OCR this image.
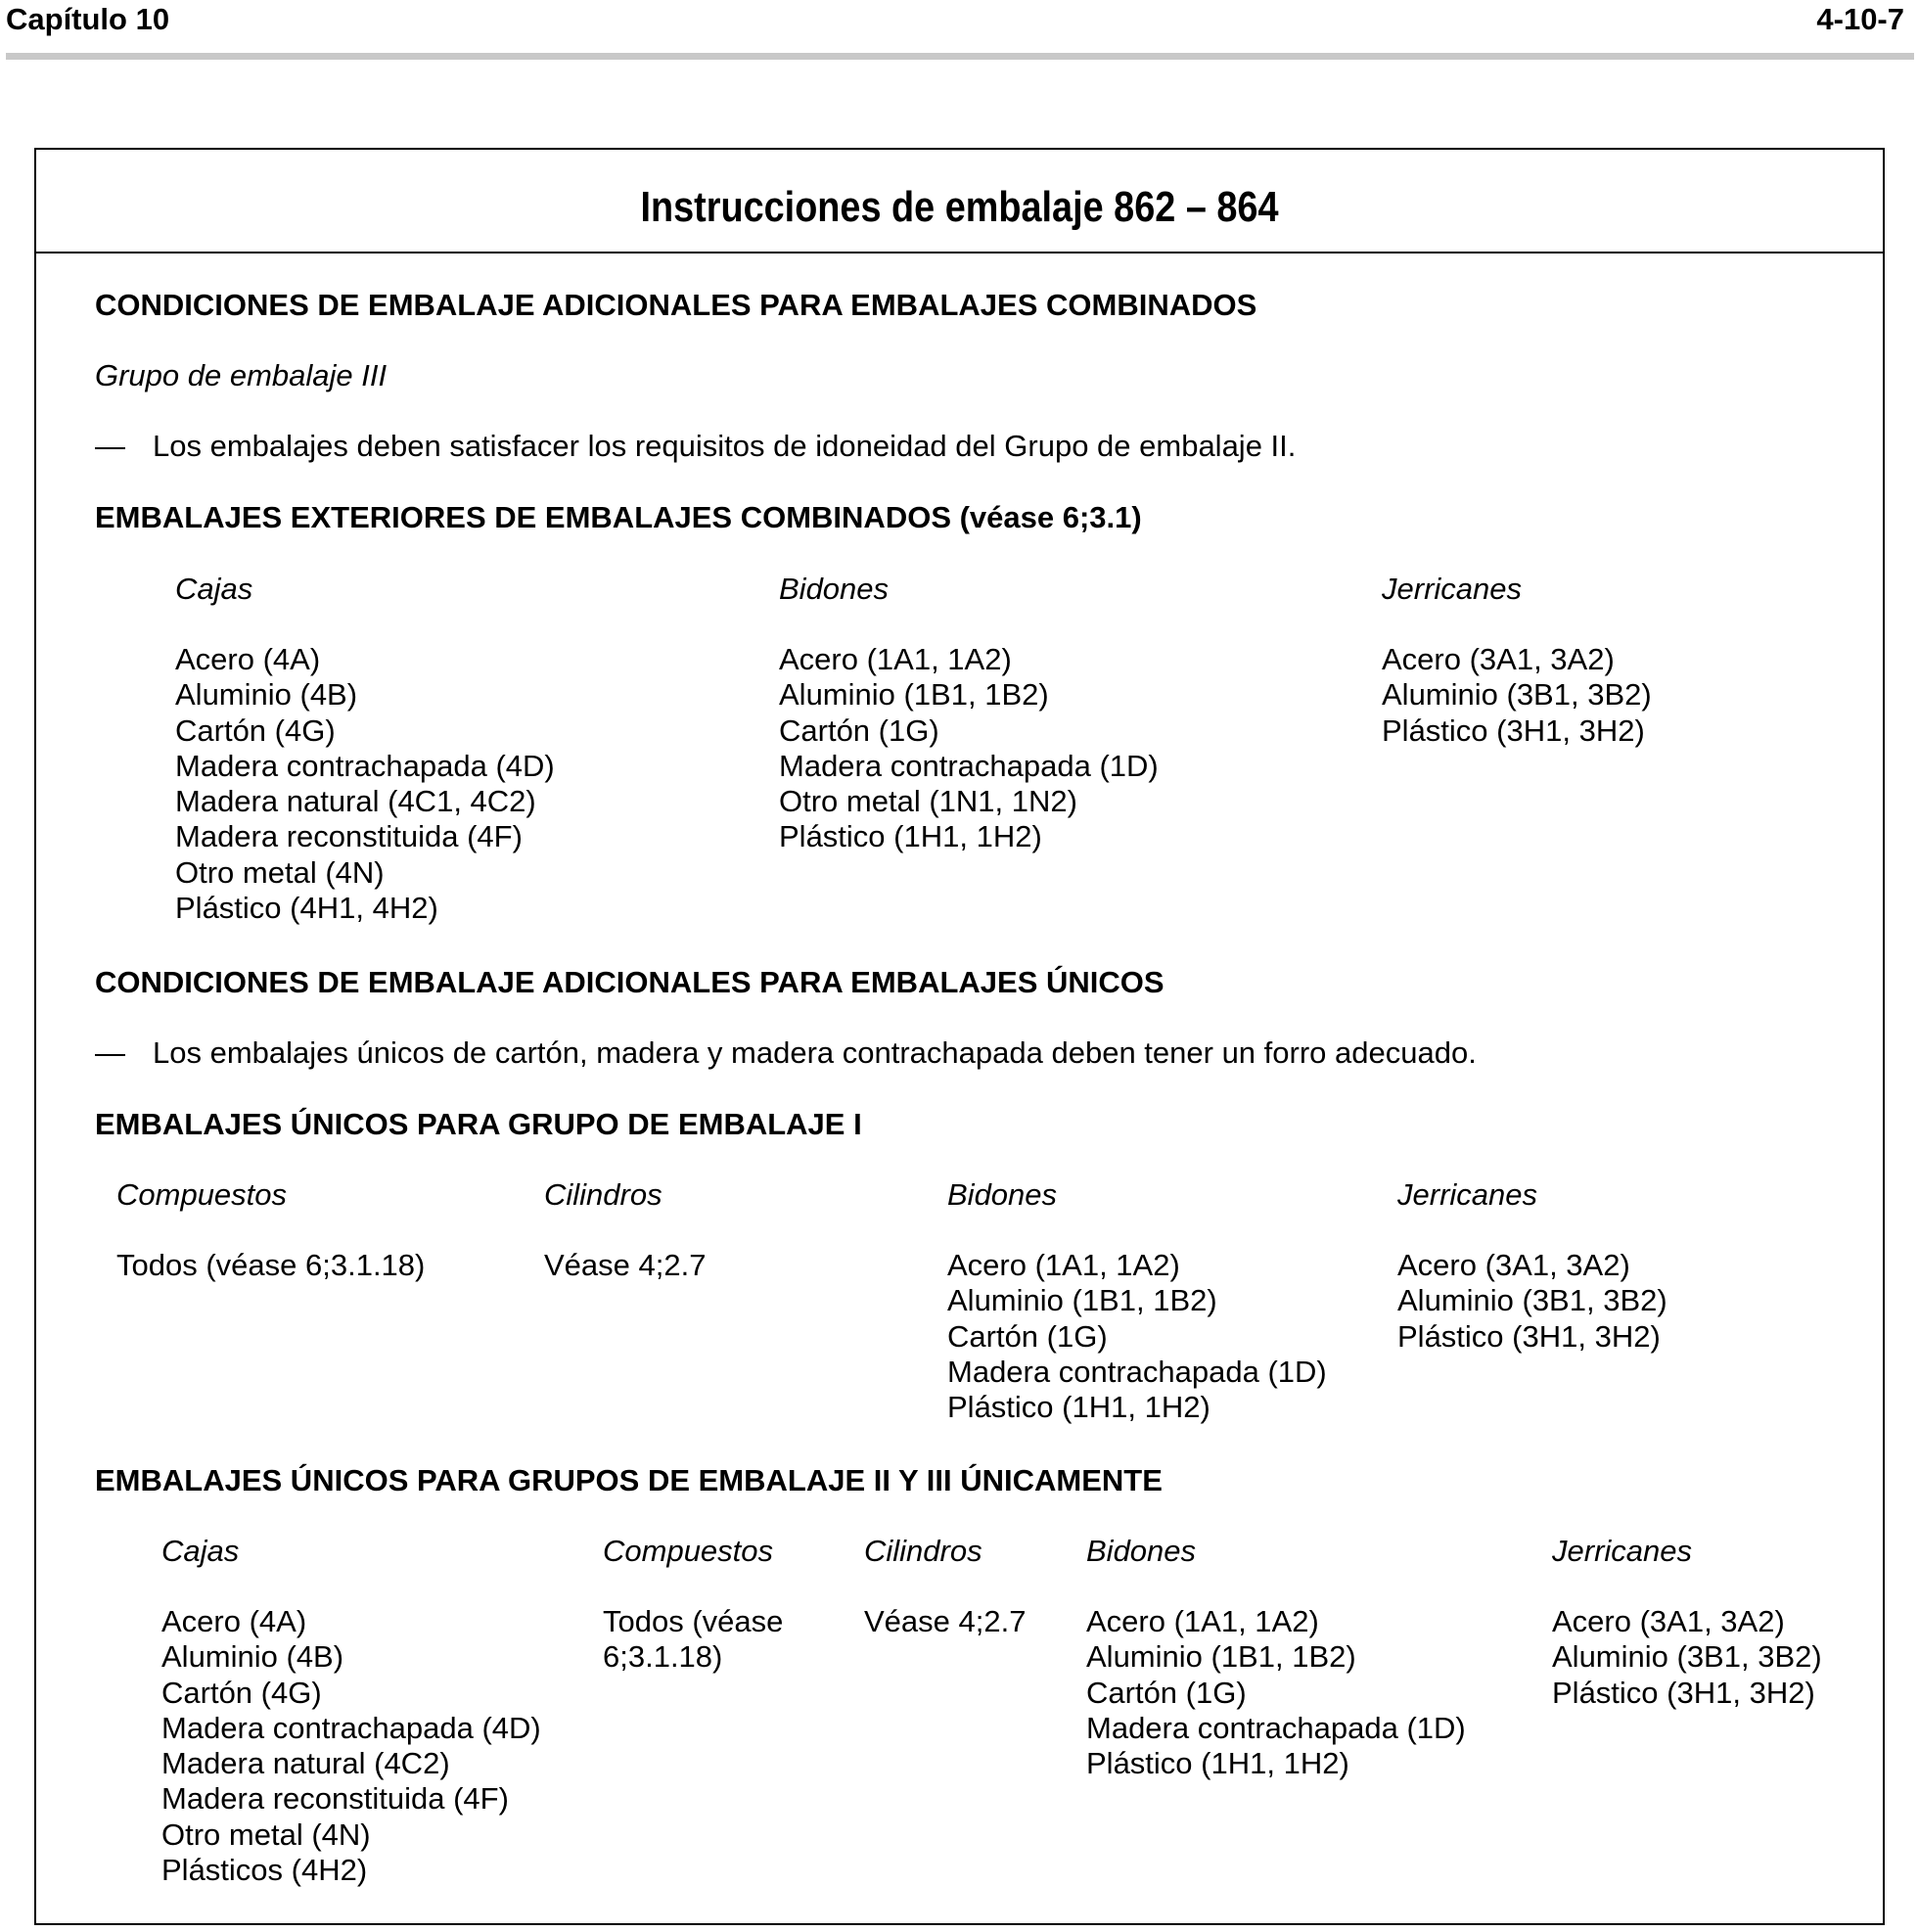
Capítulo 10	4-10-7
Instrucciones de embalaje 862 – 864
CONDICIONES DE EMBALAJE ADICIONALES PARA EMBALAJES COMBINADOS
Grupo de embalaje III
— Los embalajes deben satisfacer los requisitos de idoneidad del Grupo de embalaje II.
EMBALAJES EXTERIORES DE EMBALAJES COMBINADOS (véase 6;3.1)
Cajas
Acero (4A)
Aluminio (4B)
Cartón (4G)
Madera contrachapada (4D)
Madera natural (4C1, 4C2)
Madera reconstituida (4F)
Otro metal (4N)
Plástico (4H1, 4H2)
Bidones
Acero (1A1, 1A2)
Aluminio (1B1, 1B2)
Cartón (1G)
Madera contrachapada (1D)
Otro metal (1N1, 1N2)
Plástico (1H1, 1H2)
Jerricanes
Acero (3A1, 3A2)
Aluminio (3B1, 3B2)
Plástico (3H1, 3H2)
CONDICIONES DE EMBALAJE ADICIONALES PARA EMBALAJES ÚNICOS
— Los embalajes únicos de cartón, madera y madera contrachapada deben tener un forro adecuado.
EMBALAJES ÚNICOS PARA GRUPO DE EMBALAJE I
Compuestos
Todos (véase 6;3.1.18)
Cilindros
Véase 4;2.7
Bidones
Acero (1A1, 1A2)
Aluminio (1B1, 1B2)
Cartón (1G)
Madera contrachapada (1D)
Plástico (1H1, 1H2)
Jerricanes
Acero (3A1, 3A2)
Aluminio (3B1, 3B2)
Plástico (3H1, 3H2)
EMBALAJES ÚNICOS PARA GRUPOS DE EMBALAJE II Y III ÚNICAMENTE
Cajas
Acero (4A)
Aluminio (4B)
Cartón (4G)
Madera contrachapada (4D)
Madera natural (4C2)
Madera reconstituida (4F)
Otro metal (4N)
Plásticos (4H2)
Compuestos
Todos (véase
6;3.1.18)
Cilindros
Véase 4;2.7
Bidones
Acero (1A1, 1A2)
Aluminio (1B1, 1B2)
Cartón (1G)
Madera contrachapada (1D)
Plástico (1H1, 1H2)
Jerricanes
Acero (3A1, 3A2)
Aluminio (3B1, 3B2)
Plástico (3H1, 3H2)
